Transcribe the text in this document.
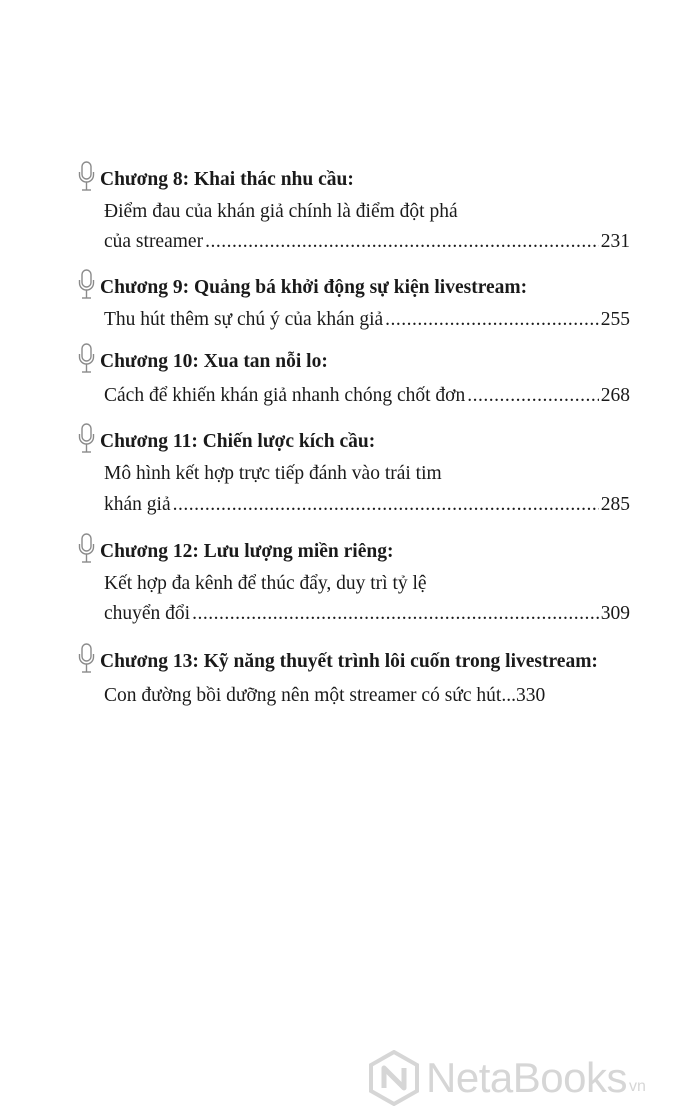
Chương 8: Khai thác nhu cầu:
Điểm đau của khán giả chính là điểm đột phá
của streamer .....	231
Chương 9: Quảng bá khởi động sự kiện livestream:
Thu hút thêm sự chú ý của khán giả .....	255
Chương 10: Xua tan nỗi lo:
Cách để khiến khán giả nhanh chóng chốt đơn .....	268
Chương 11: Chiến lược kích cầu:
Mô hình kết hợp trực tiếp đánh vào trái tim
khán giả .....	285
Chương 12: Lưu lượng miền riêng:
Kết hợp đa kênh để thúc đẩy, duy trì tỷ lệ
chuyển đổi .....	309
Chương 13: Kỹ năng thuyết trình lôi cuốn trong livestream:
Con đường bồi dưỡng nên một streamer có sức hút... 330
NetaBooks vn
